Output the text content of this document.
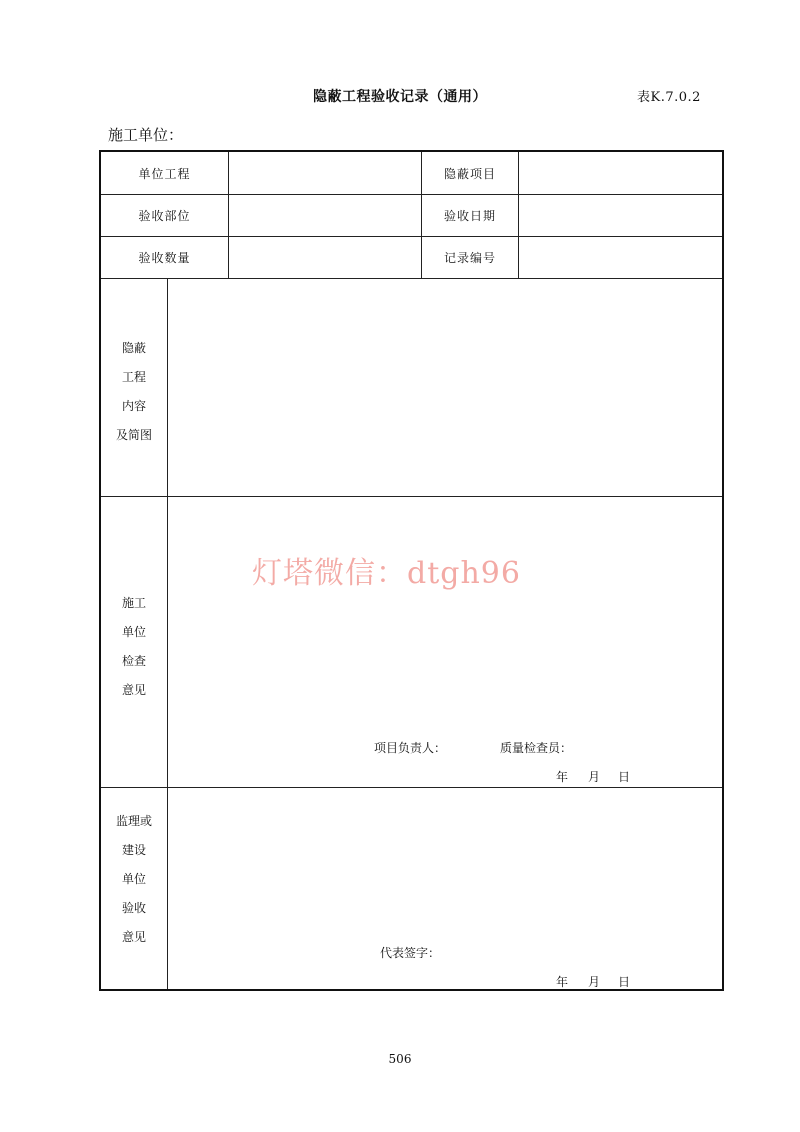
隐蔽工程验收记录（通用）	表K.7.0.2
施工单位：
单位工程	隐蔽项目
验收部位	验收日期
验收数量	记录编号
隐蔽
工程
内容
及简图
施工
单位
检查
意见
项目负责人：	质量检查员：
年 月 日
监理或
建设
单位
验收
意见
代表签字：
年 月 日
灯塔微信：dtgh96
506
